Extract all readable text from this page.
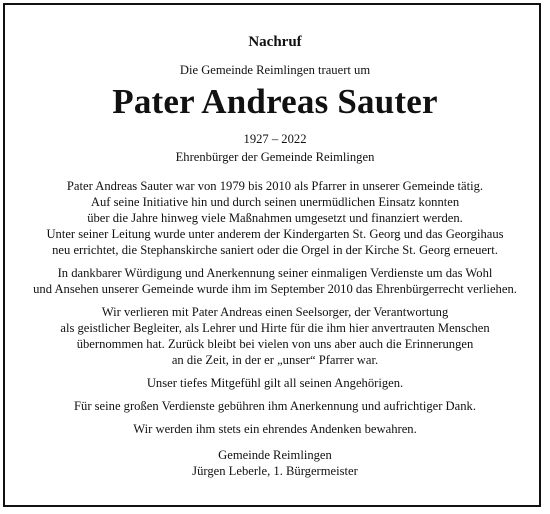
Nachruf
Die Gemeinde Reimlingen trauert um
Pater Andreas Sauter
1927 – 2022
Ehrenbürger der Gemeinde Reimlingen
Pater Andreas Sauter war von 1979 bis 2010 als Pfarrer in unserer Gemeinde tätig.
Auf seine Initiative hin und durch seinen unermüdlichen Einsatz konnten
über die Jahre hinweg viele Maßnahmen umgesetzt und finanziert werden.
Unter seiner Leitung wurde unter anderem der Kindergarten St. Georg und das Georgihaus
neu errichtet, die Stephanskirche saniert oder die Orgel in der Kirche St. Georg erneuert.
In dankbarer Würdigung und Anerkennung seiner einmaligen Verdienste um das Wohl
und Ansehen unserer Gemeinde wurde ihm im September 2010 das Ehrenbürgerrecht verliehen.
Wir verlieren mit Pater Andreas einen Seelsorger, der Verantwortung
als geistlicher Begleiter, als Lehrer und Hirte für die ihm hier anvertrauten Menschen
übernommen hat. Zurück bleibt bei vielen von uns aber auch die Erinnerungen
an die Zeit, in der er „unser“ Pfarrer war.
Unser tiefes Mitgefühl gilt all seinen Angehörigen.
Für seine großen Verdienste gebühren ihm Anerkennung und aufrichtiger Dank.
Wir werden ihm stets ein ehrendes Andenken bewahren.
Gemeinde Reimlingen
Jürgen Leberle, 1. Bürgermeister
